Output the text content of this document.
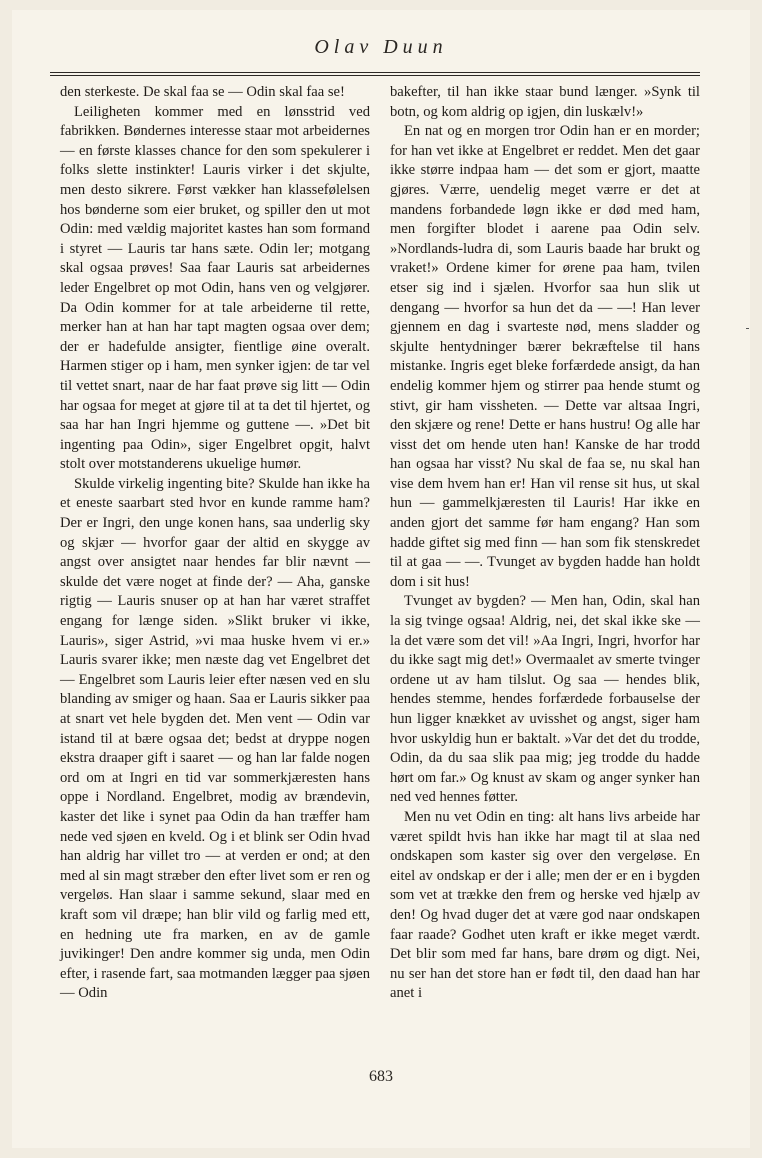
Olav Duun

den sterkeste. De skal faa se — Odin skal faa se!

Leiligheten kommer med en lønsstrid ved fabrikken. Bøndernes interesse staar mot arbeidernes — en første klasses chance for den som spekulerer i folks slette instinkter! Lauris virker i det skjulte, men desto sikrere. Først vækker han klassefølelsen hos bønderne som eier bruket, og spiller den ut mot Odin: med vældig majoritet kastes han som formand i styret — Lauris tar hans sæte. Odin ler; motgang skal ogsaa prøves! Saa faar Lauris sat arbeidernes leder Engelbret op mot Odin, hans ven og velgjører. Da Odin kommer for at tale arbeiderne til rette, merker han at han har tapt magten ogsaa over dem; der er hadefulde ansigter, fientlige øine overalt. Harmen stiger op i ham, men synker igjen: de tar vel til vettet snart, naar de har faat prøve sig litt — Odin har ogsaa for meget at gjøre til at ta det til hjertet, og saa har han Ingri hjemme og guttene —. »Det bit ingenting paa Odin», siger Engelbret opgit, halvt stolt over motstanderens ukuelige humør.

Skulde virkelig ingenting bite? Skulde han ikke ha et eneste saarbart sted hvor en kunde ramme ham? Der er Ingri, den unge konen hans, saa underlig sky og skjær — hvorfor gaar der altid en skygge av angst over ansigtet naar hendes far blir nævnt — skulde det være noget at finde der? — Aha, ganske rigtig — Lauris snuser op at han har været straffet engang for længe siden. »Slikt bruker vi ikke, Lauris», siger Astrid, »vi maa huske hvem vi er.» Lauris svarer ikke; men næste dag vet Engelbret det — Engelbret som Lauris leier efter næsen ved en slu blanding av smiger og haan. Saa er Lauris sikker paa at snart vet hele bygden det. Men vent — Odin var istand til at bære ogsaa det; bedst at dryppe nogen ekstra draaper gift i saaret — og han lar falde nogen ord om at Ingri en tid var sommerkjæresten hans oppe i Nordland. Engelbret, modig av brændevin, kaster det like i synet paa Odin da han træffer ham nede ved sjøen en kveld. Og i et blink ser Odin hvad han aldrig har villet tro — at verden er ond; at den med al sin magt stræber den efter livet som er ren og vergeløs. Han slaar i samme sekund, slaar med en kraft som vil dræpe; han blir vild og farlig med ett, en hedning ute fra marken, en av de gamle juvikinger! Den andre kommer sig unda, men Odin efter, i rasende fart, saa motmanden lægger paa sjøen — Odin

bakefter, til han ikke staar bund længer. »Synk til botn, og kom aldrig op igjen, din luskælv!»

En nat og en morgen tror Odin han er en morder; for han vet ikke at Engelbret er reddet. Men det gaar ikke større indpaa ham — det som er gjort, maatte gjøres. Værre, uendelig meget værre er det at mandens forbandede løgn ikke er død med ham, men forgifter blodet i aarene paa Odin selv. »Nordlands-ludra di, som Lauris baade har brukt og vraket!» Ordene kimer for ørene paa ham, tvilen etser sig ind i sjælen. Hvorfor saa hun slik ut dengang — hvorfor sa hun det da — —! Han lever gjennem en dag i svarteste nød, mens sladder og skjulte hentydninger bærer bekræftelse til hans mistanke. Ingris eget bleke forfærdede ansigt, da han endelig kommer hjem og stirrer paa hende stumt og stivt, gir ham vissheten. — Dette var altsaa Ingri, den skjære og rene! Dette er hans hustru! Og alle har visst det om hende uten han! Kanske de har trodd han ogsaa har visst? Nu skal de faa se, nu skal han vise dem hvem han er! Han vil rense sit hus, ut skal hun — gammelkjæresten til Lauris! Har ikke en anden gjort det samme før ham engang? Han som hadde giftet sig med finn — han som fik stenskredet til at gaa — —. Tvunget av bygden hadde han holdt dom i sit hus!

Tvunget av bygden? — Men han, Odin, skal han la sig tvinge ogsaa! Aldrig, nei, det skal ikke ske — la det være som det vil! »Aa Ingri, Ingri, hvorfor har du ikke sagt mig det!» Overmaalet av smerte tvinger ordene ut av ham tilslut. Og saa — hendes blik, hendes stemme, hendes forfærdede forbauselse der hun ligger knækket av uvisshet og angst, siger ham hvor uskyldig hun er baktalt. »Var det det du trodde, Odin, da du saa slik paa mig; jeg trodde du hadde hørt om far.» Og knust av skam og anger synker han ned ved hennes føtter.

Men nu vet Odin en ting: alt hans livs arbeide har været spildt hvis han ikke har magt til at slaa ned ondskapen som kaster sig over den vergeløse. En eitel av ondskap er der i alle; men der er en i bygden som vet at trække den frem og herske ved hjælp av den! Og hvad duger det at være god naar ondskapen faar raade? Godhet uten kraft er ikke meget værdt. Det blir som med far hans, bare drøm og digt. Nei, nu ser han det store han er født til, den daad han har anet i

683
